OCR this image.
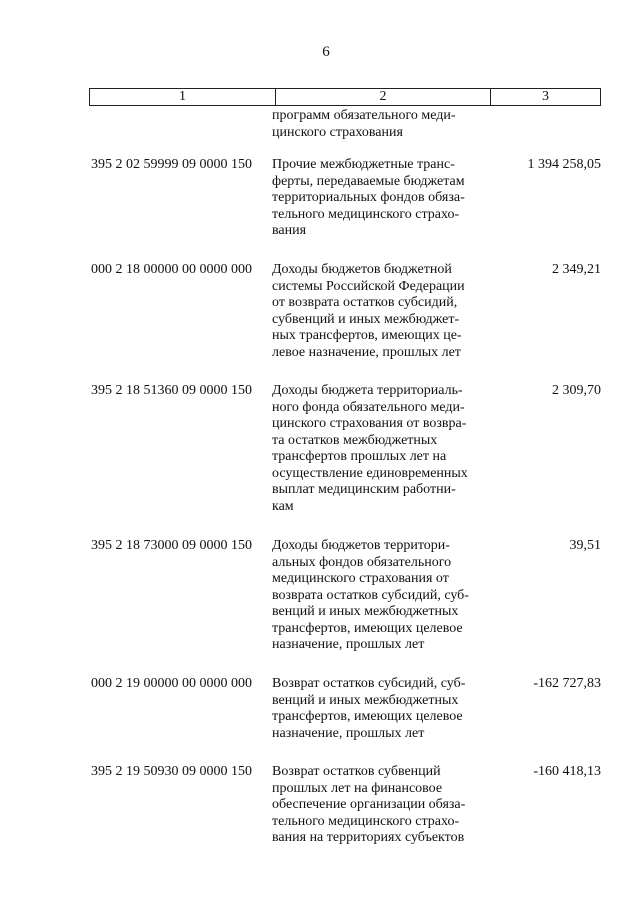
6
1	2	3
программ обязательного меди-
цинского страхования
395 2 02 59999 09 0000 150	Прочие межбюджетные транс-
ферты, передаваемые бюджетам
территориальных фондов обяза-
тельного медицинского страхо-
вания
1 394 258,05
000 2 18 00000 00 0000 000	Доходы бюджетов бюджетной
системы Российской Федерации
от возврата остатков субсидий,
субвенций и иных межбюджет-
ных трансфертов, имеющих це-
левое назначение, прошлых лет
2 349,21
395 2 18 51360 09 0000 150	Доходы бюджета территориаль-
ного фонда обязательного меди-
цинского страхования от возвра-
та остатков межбюджетных
трансфертов прошлых лет на
осуществление единовременных
выплат медицинским работни-
кам
2 309,70
395 2 18 73000 09 0000 150	Доходы бюджетов территори-
альных фондов обязательного
медицинского страхования от
возврата остатков субсидий, суб-
венций и иных межбюджетных
трансфертов, имеющих целевое
назначение, прошлых лет
39,51
000 2 19 00000 00 0000 000	Возврат остатков субсидий, суб-
венций и иных межбюджетных
трансфертов, имеющих целевое
назначение, прошлых лет
-162 727,83
395 2 19 50930 09 0000 150	Возврат остатков субвенций
прошлых лет на финансовое
обеспечение организации обяза-
тельного медицинского страхо-
вания на территориях субъектов
-160 418,13
